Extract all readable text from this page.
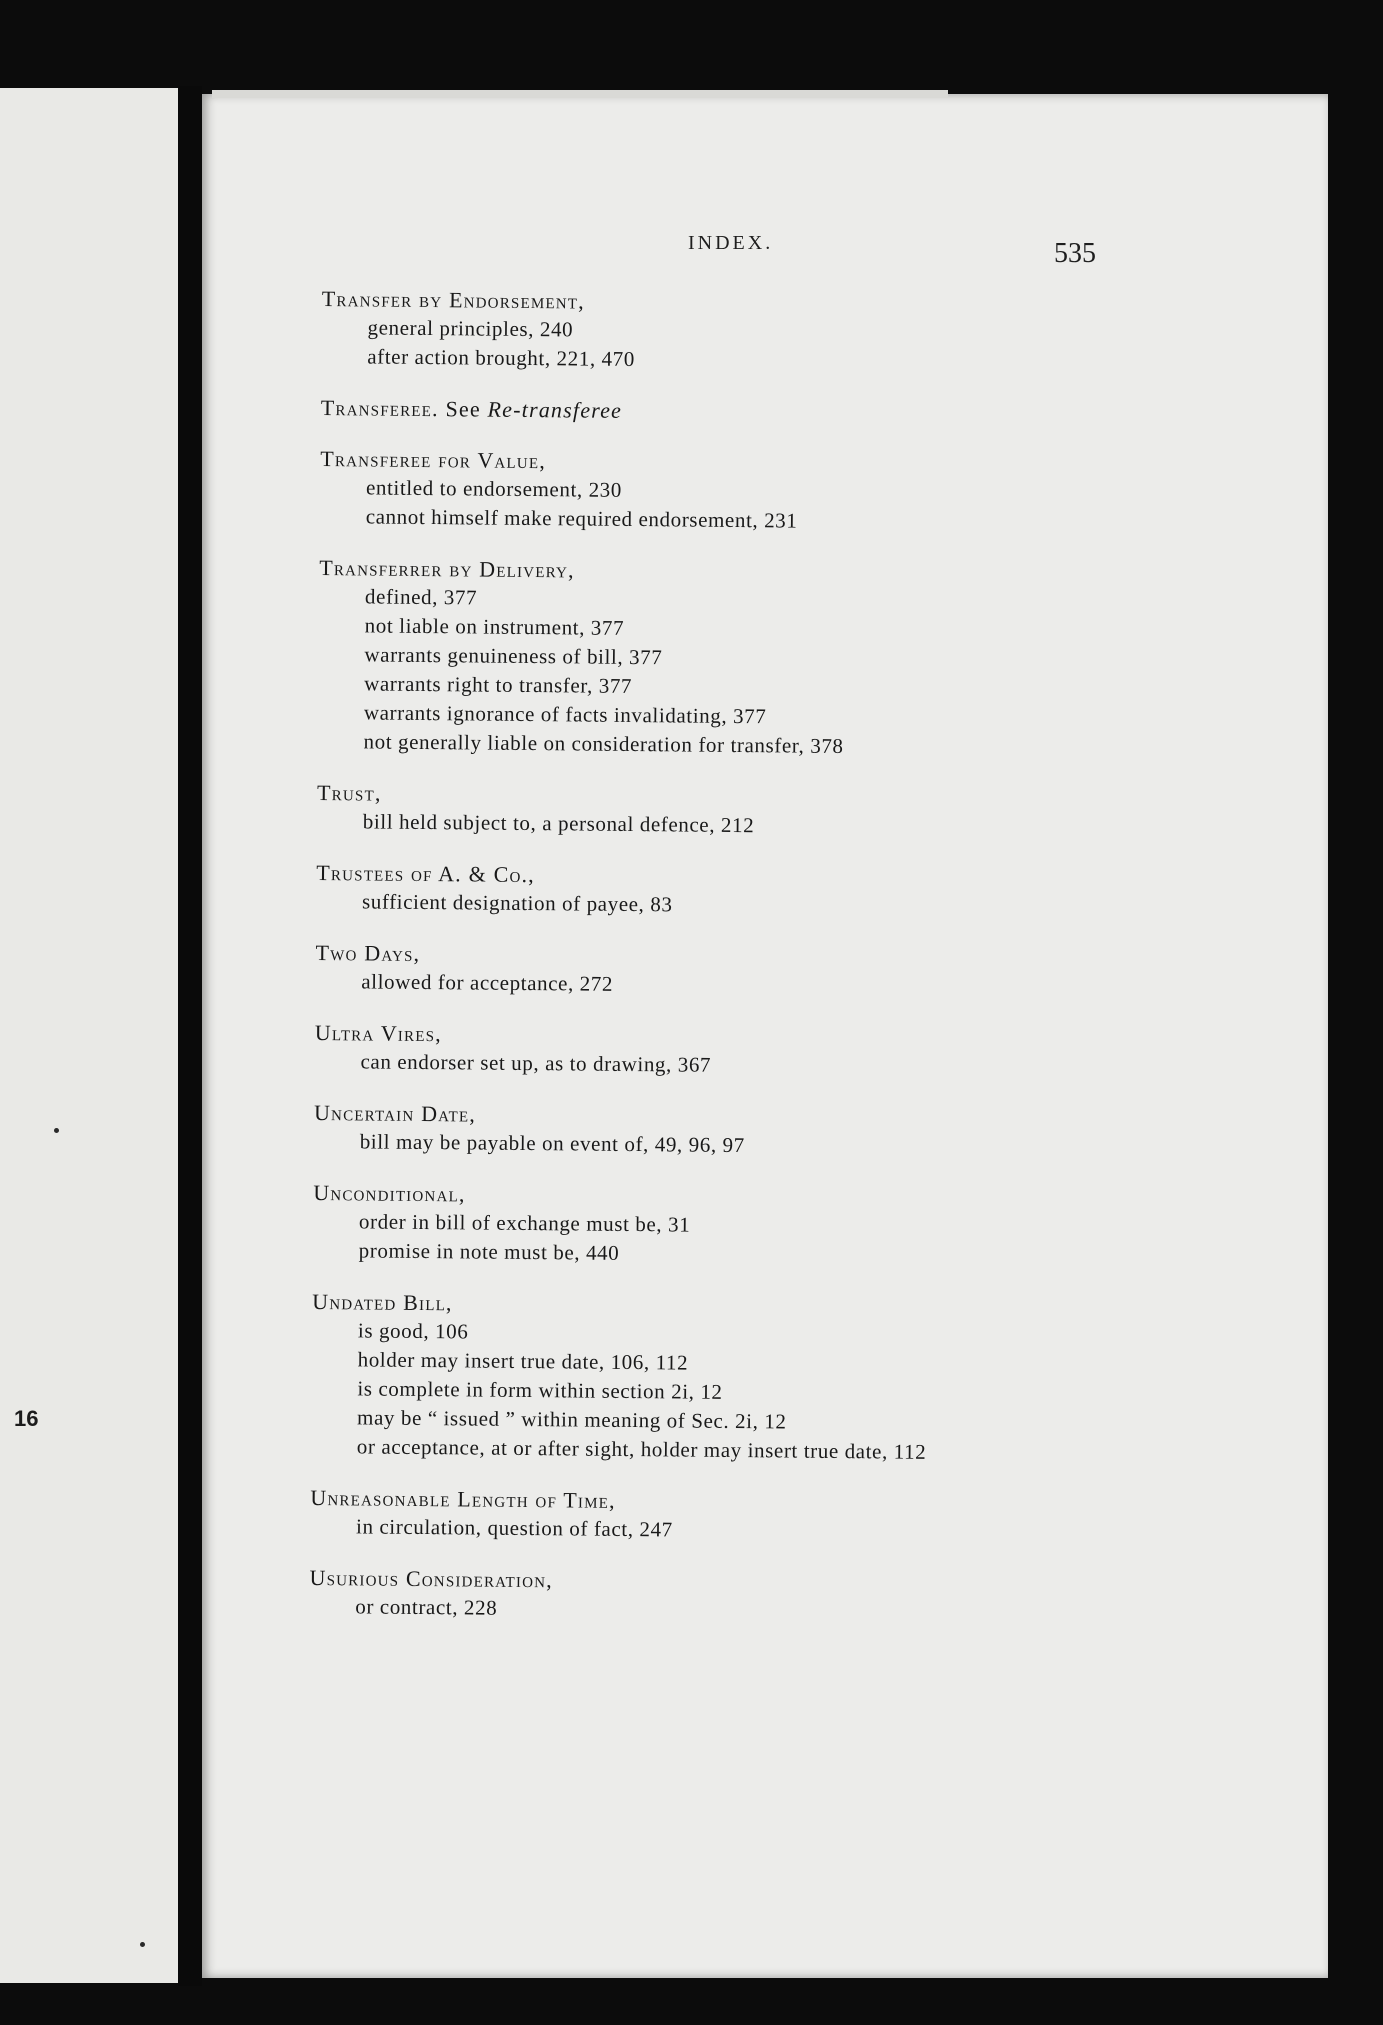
16
INDEX.	535
Transfer by Endorsement,
general principles, 240
after action brought, 221, 470
Transferee. See Re-transferee
Transferee for Value,
entitled to endorsement, 230
cannot himself make required endorsement, 231
Transferrer by Delivery,
defined, 377
not liable on instrument, 377
warrants genuineness of bill, 377
warrants right to transfer, 377
warrants ignorance of facts invalidating, 377
not generally liable on consideration for transfer, 378
Trust,
bill held subject to, a personal defence, 212
Trustees of A. & Co.,
sufficient designation of payee, 83
Two Days,
allowed for acceptance, 272
Ultra Vires,
can endorser set up, as to drawing, 367
Uncertain Date,
bill may be payable on event of, 49, 96, 97
Unconditional,
order in bill of exchange must be, 31
promise in note must be, 440
Undated Bill,
is good, 106
holder may insert true date, 106, 112
is complete in form within section 2i, 12
may be “ issued ” within meaning of Sec. 2i, 12
or acceptance, at or after sight, holder may insert true date, 112
Unreasonable Length of Time,
in circulation, question of fact, 247
Usurious Consideration,
or contract, 228
